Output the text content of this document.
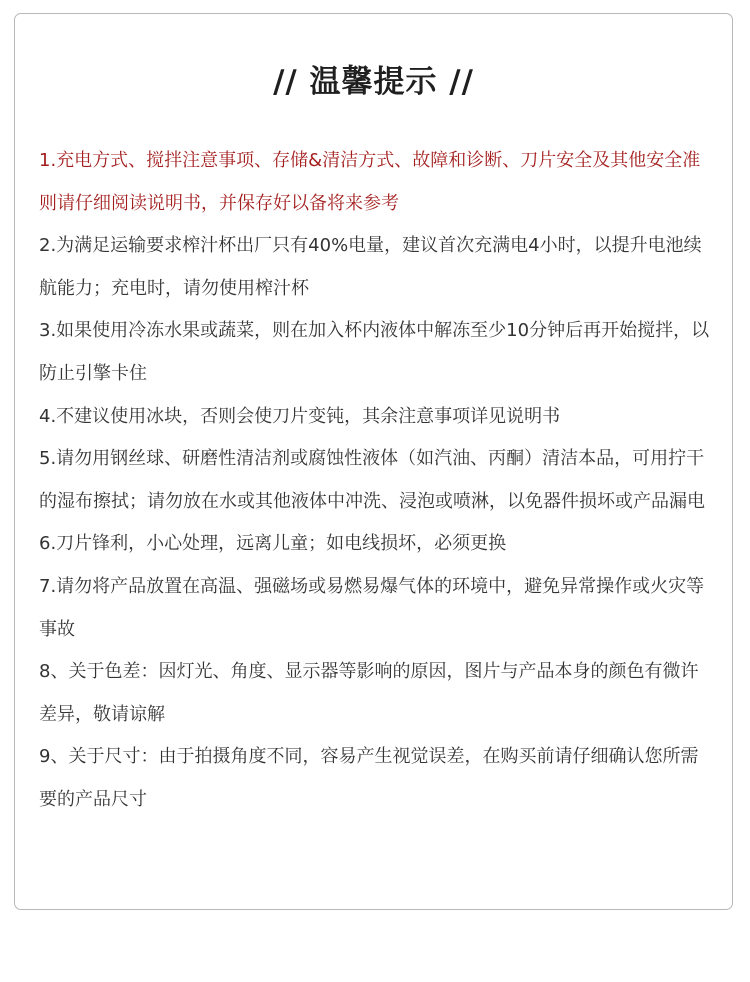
// 温馨提示 //
1.充电方式、搅拌注意事项、存储&清洁方式、故障和诊断、刀片安全及其他安全准则请仔细阅读说明书，并保存好以备将来参考
2.为满足运输要求榨汁杯出厂只有40%电量，建议首次充满电4小时，以提升电池续航能力；充电时，请勿使用榨汁杯
3.如果使用冷冻水果或蔬菜，则在加入杯内液体中解冻至少10分钟后再开始搅拌，以防止引擎卡住
4.不建议使用冰块，否则会使刀片变钝，其余注意事项详见说明书
5.请勿用钢丝球、研磨性清洁剂或腐蚀性液体（如汽油、丙酮）清洁本品，可用拧干的湿布擦拭；请勿放在水或其他液体中冲洗、浸泡或喷淋，以免器件损坏或产品漏电
6.刀片锋利，小心处理，远离儿童；如电线损坏，必须更换
7.请勿将产品放置在高温、强磁场或易燃易爆气体的环境中，避免异常操作或火灾等事故
8、关于色差：因灯光、角度、显示器等影响的原因，图片与产品本身的颜色有微许差异，敬请谅解
9、关于尺寸：由于拍摄角度不同，容易产生视觉误差，在购买前请仔细确认您所需要的产品尺寸
